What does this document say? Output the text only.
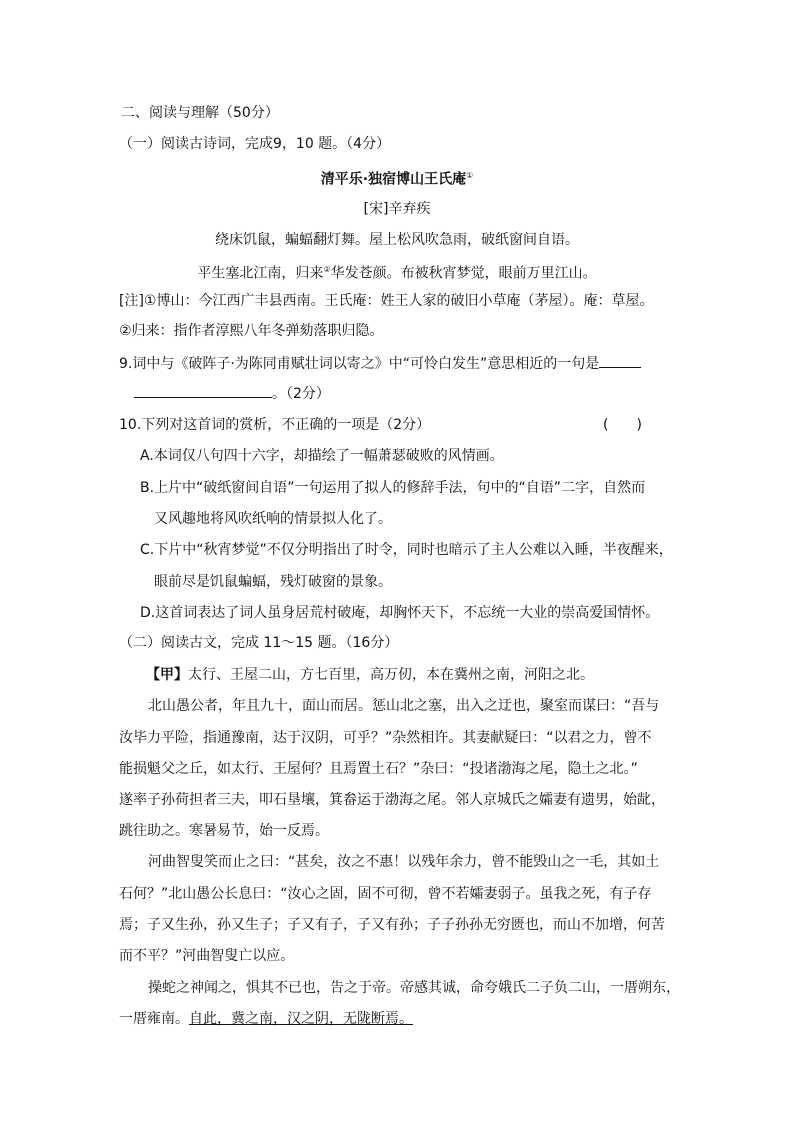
二、阅读与理解（50分）
（一）阅读古诗词，完成9，10 题。（4分）
清平乐·独宿博山王氏庵①
[宋]辛弃疾
绕床饥鼠，蝙蝠翻灯舞。屋上松风吹急雨，破纸窗间自语。
平生塞北江南，归来②华发苍颜。布被秋宵梦觉，眼前万里江山。
[注]①博山：今江西广丰县西南。王氏庵：姓王人家的破旧小草庵（茅屋）。庵：草屋。
②归来：指作者淳熙八年冬弹劾落职归隐。
9.词中与《破阵子·为陈同甫赋壮词以寄之》中“可怜白发生”意思相近的一句是
。（2分）
10.下列对这首词的赏析，不正确的一项是（2分）	(　　)
A.本词仅八句四十六字，却描绘了一幅萧瑟破败的风情画。
B.上片中“破纸窗间自语”一句运用了拟人的修辞手法，句中的“自语”二字，自然而
又风趣地将风吹纸响的情景拟人化了。
C.下片中“秋宵梦觉”不仅分明指出了时令，同时也暗示了主人公难以入睡，半夜醒来，
眼前尽是饥鼠蝙蝠，残灯破窗的景象。
D.这首词表达了词人虽身居荒村破庵，却胸怀天下，不忘统一大业的崇高爱国情怀。
（二）阅读古文，完成 11～15 题。（16分）
【甲】太行、王屋二山，方七百里，高万仞，本在冀州之南，河阳之北。
北山愚公者，年且九十，面山而居。惩山北之塞，出入之迂也，聚室而谋曰：“吾与
汝毕力平险，指通豫南，达于汉阴，可乎？”杂然相许。其妻献疑曰：“以君之力，曾不
能损魁父之丘，如太行、王屋何？且焉置土石？”杂曰：“投诸渤海之尾，隐土之北。”
遂率子孙荷担者三夫，叩石垦壤，箕畚运于渤海之尾。邻人京城氏之孀妻有遗男，始龀，
跳往助之。寒暑易节，始一反焉。
河曲智叟笑而止之曰：“甚矣，汝之不惠！以残年余力，曾不能毁山之一毛，其如土
石何？”北山愚公长息曰：“汝心之固，固不可彻，曾不若孀妻弱子。虽我之死，有子存
焉；子又生孙，孙又生子；子又有子，子又有孙；子子孙孙无穷匮也，而山不加增，何苦
而不平？”河曲智叟亡以应。
操蛇之神闻之，惧其不已也，告之于帝。帝感其诚，命夸娥氏二子负二山，一厝朔东，
一厝雍南。自此，冀之南，汉之阴，无陇断焉。
